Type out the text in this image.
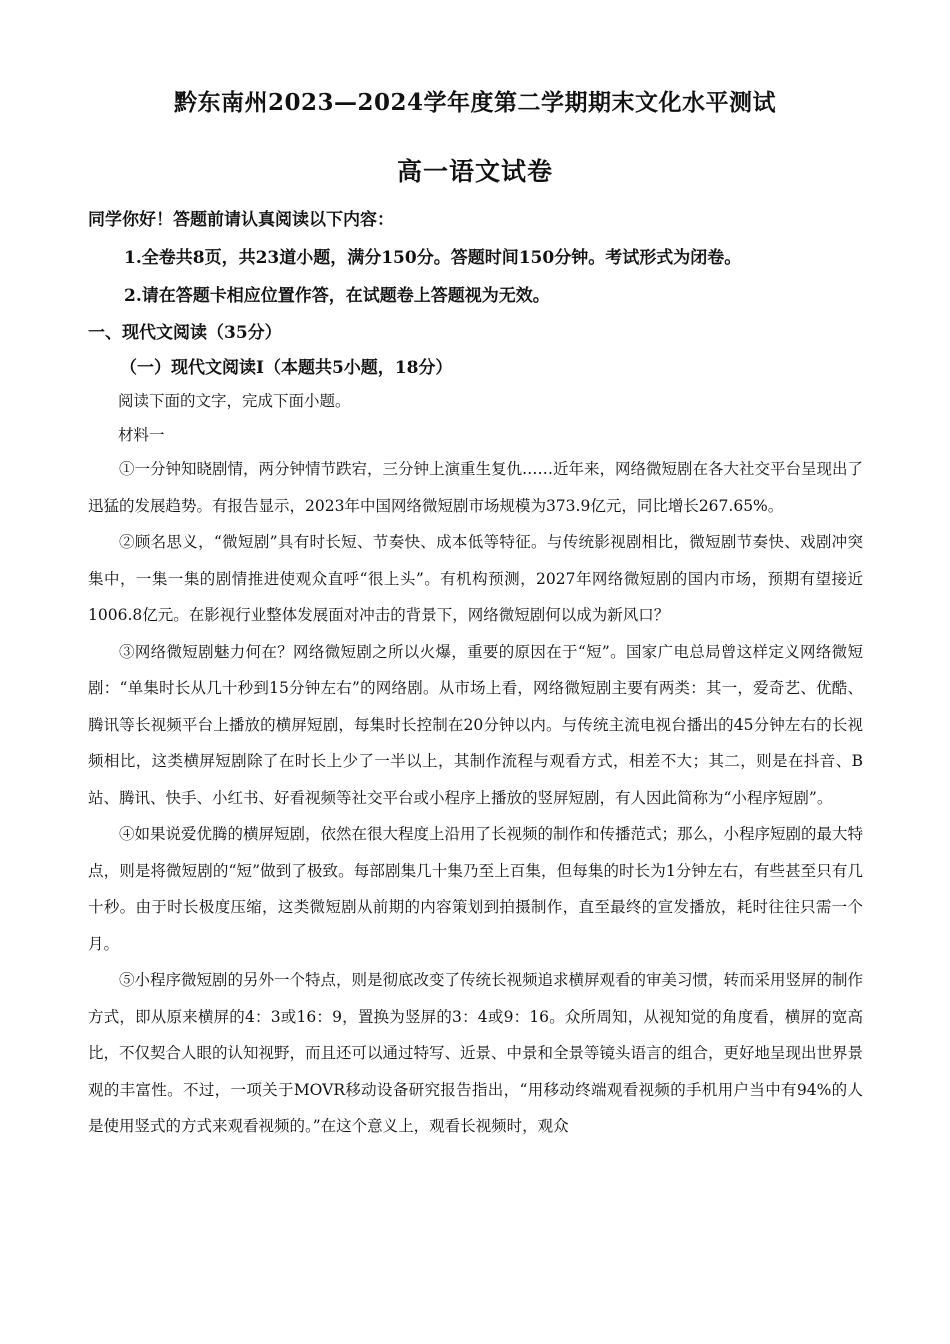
黔东南州2023—2024学年度第二学期期末文化水平测试
高一语文试卷
同学你好！答题前请认真阅读以下内容：
1.全卷共8页，共23道小题，满分150分。答题时间150分钟。考试形式为闭卷。
2.请在答题卡相应位置作答，在试题卷上答题视为无效。
一、现代文阅读（35分）
（一）现代文阅读Ⅰ（本题共5小题，18分）
阅读下面的文字，完成下面小题。
材料一

①一分钟知晓剧情，两分钟情节跌宕，三分钟上演重生复仇……近年来，网络微短剧在各大社交平台呈现出了迅猛的发展趋势。有报告显示，2023年中国网络微短剧市场规模为373.9亿元，同比增长267.65%。

②顾名思义，“微短剧”具有时长短、节奏快、成本低等特征。与传统影视剧相比，微短剧节奏快、戏剧冲突集中，一集一集的剧情推进使观众直呼“很上头”。有机构预测，2027年网络微短剧的国内市场，预期有望接近1006.8亿元。在影视行业整体发展面对冲击的背景下，网络微短剧何以成为新风口？

③网络微短剧魅力何在？网络微短剧之所以火爆，重要的原因在于“短”。国家广电总局曾这样定义网络微短剧：“单集时长从几十秒到15分钟左右”的网络剧。从市场上看，网络微短剧主要有两类：其一，爱奇艺、优酷、腾讯等长视频平台上播放的横屏短剧，每集时长控制在20分钟以内。与传统主流电视台播出的45分钟左右的长视频相比，这类横屏短剧除了在时长上少了一半以上，其制作流程与观看方式，相差不大；其二，则是在抖音、B站、腾讯、快手、小红书、好看视频等社交平台或小程序上播放的竖屏短剧，有人因此简称为“小程序短剧”。

④如果说爱优腾的横屏短剧，依然在很大程度上沿用了长视频的制作和传播范式；那么，小程序短剧的最大特点，则是将微短剧的“短”做到了极致。每部剧集几十集乃至上百集，但每集的时长为1分钟左右，有些甚至只有几十秒。由于时长极度压缩，这类微短剧从前期的内容策划到拍摄制作，直至最终的宣发播放，耗时往往只需一个月。

⑤小程序微短剧的另外一个特点，则是彻底改变了传统长视频追求横屏观看的审美习惯，转而采用竖屏的制作方式，即从原来横屏的4：3或16：9，置换为竖屏的3：4或9：16。众所周知，从视知觉的角度看，横屏的宽高比，不仅契合人眼的认知视野，而且还可以通过特写、近景、中景和全景等镜头语言的组合，更好地呈现出世界景观的丰富性。不过，一项关于MOVR移动设备研究报告指出，“用移动终端观看视频的手机用户当中有94%的人是使用竖式的方式来观看视频的。”在这个意义上，观看长视频时，观众
